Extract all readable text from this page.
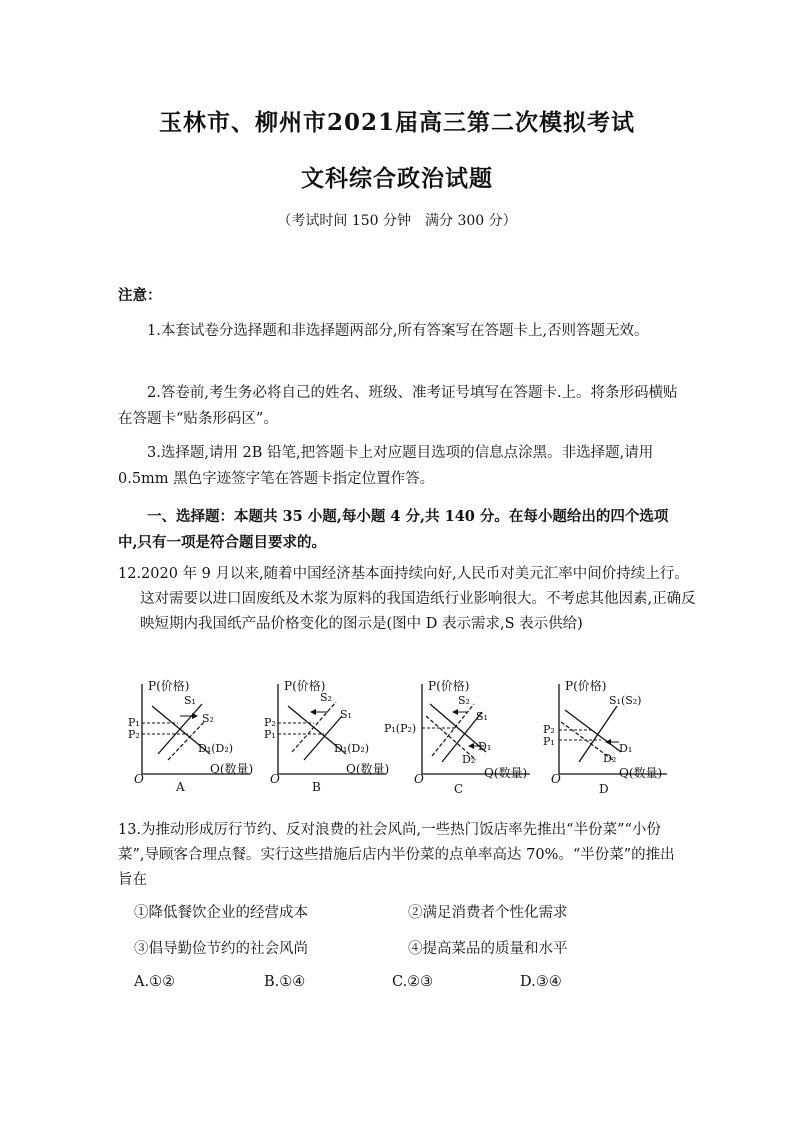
玉林市、柳州市2021届高三第二次模拟考试
文科综合政治试题
（考试时间 150 分钟　满分 300 分）
注意：
1.本套试卷分选择题和非选择题两部分,所有答案写在答题卡上,否则答题无效。
2.答卷前,考生务必将自己的姓名、班级、准考证号填写在答题卡.上。将条形码横贴在答题卡“贴条形码区”。
3.选择题,请用 2B 铅笔,把答题卡上对应题目选项的信息点涂黑。非选择题,请用 0.5mm 黑色字迹签字笔在答题卡指定位置作答。
一、选择题：本题共 35 小题,每小题 4 分,共 140 分。在每小题给出的四个选项中,只有一项是符合题目要求的。
12.2020 年 9 月以来,随着中国经济基本面持续向好,人民币对美元汇率中间价持续上行。这对需要以进口固废纸及木浆为原料的我国造纸行业影响很大。不考虑其他因素,正确反映短期内我国纸产品价格变化的图示是(图中 D 表示需求,S 表示供给)
P(价格)
Q(数量)
O
S₁
S₂
D₁(D₂)
P₁
P₂
A
P(价格)
Q(数量)
O
S₂
S₁
D₁(D₂)
P₂
P₁
B
P(价格)
Q(数量)
O
S₂
S₁
D₁
D₂
P₁(P₂)
C
P(价格)
Q(数量)
O
S₁(S₂)
D₁
D₂
P₂
P₁
D
13.为推动形成厉行节约、反对浪费的社会风尚,一些热门饭店率先推出“半份菜”“小份菜”,导顾客合理点餐。实行这些措施后店内半份菜的点单率高达 70%。“半份菜”的推出旨在
①降低餐饮企业的经营成本	②满足消费者个性化需求
③倡导勤俭节约的社会风尚	④提高菜品的质量和水平
A.①②	B.①④	C.②③	D.③④
